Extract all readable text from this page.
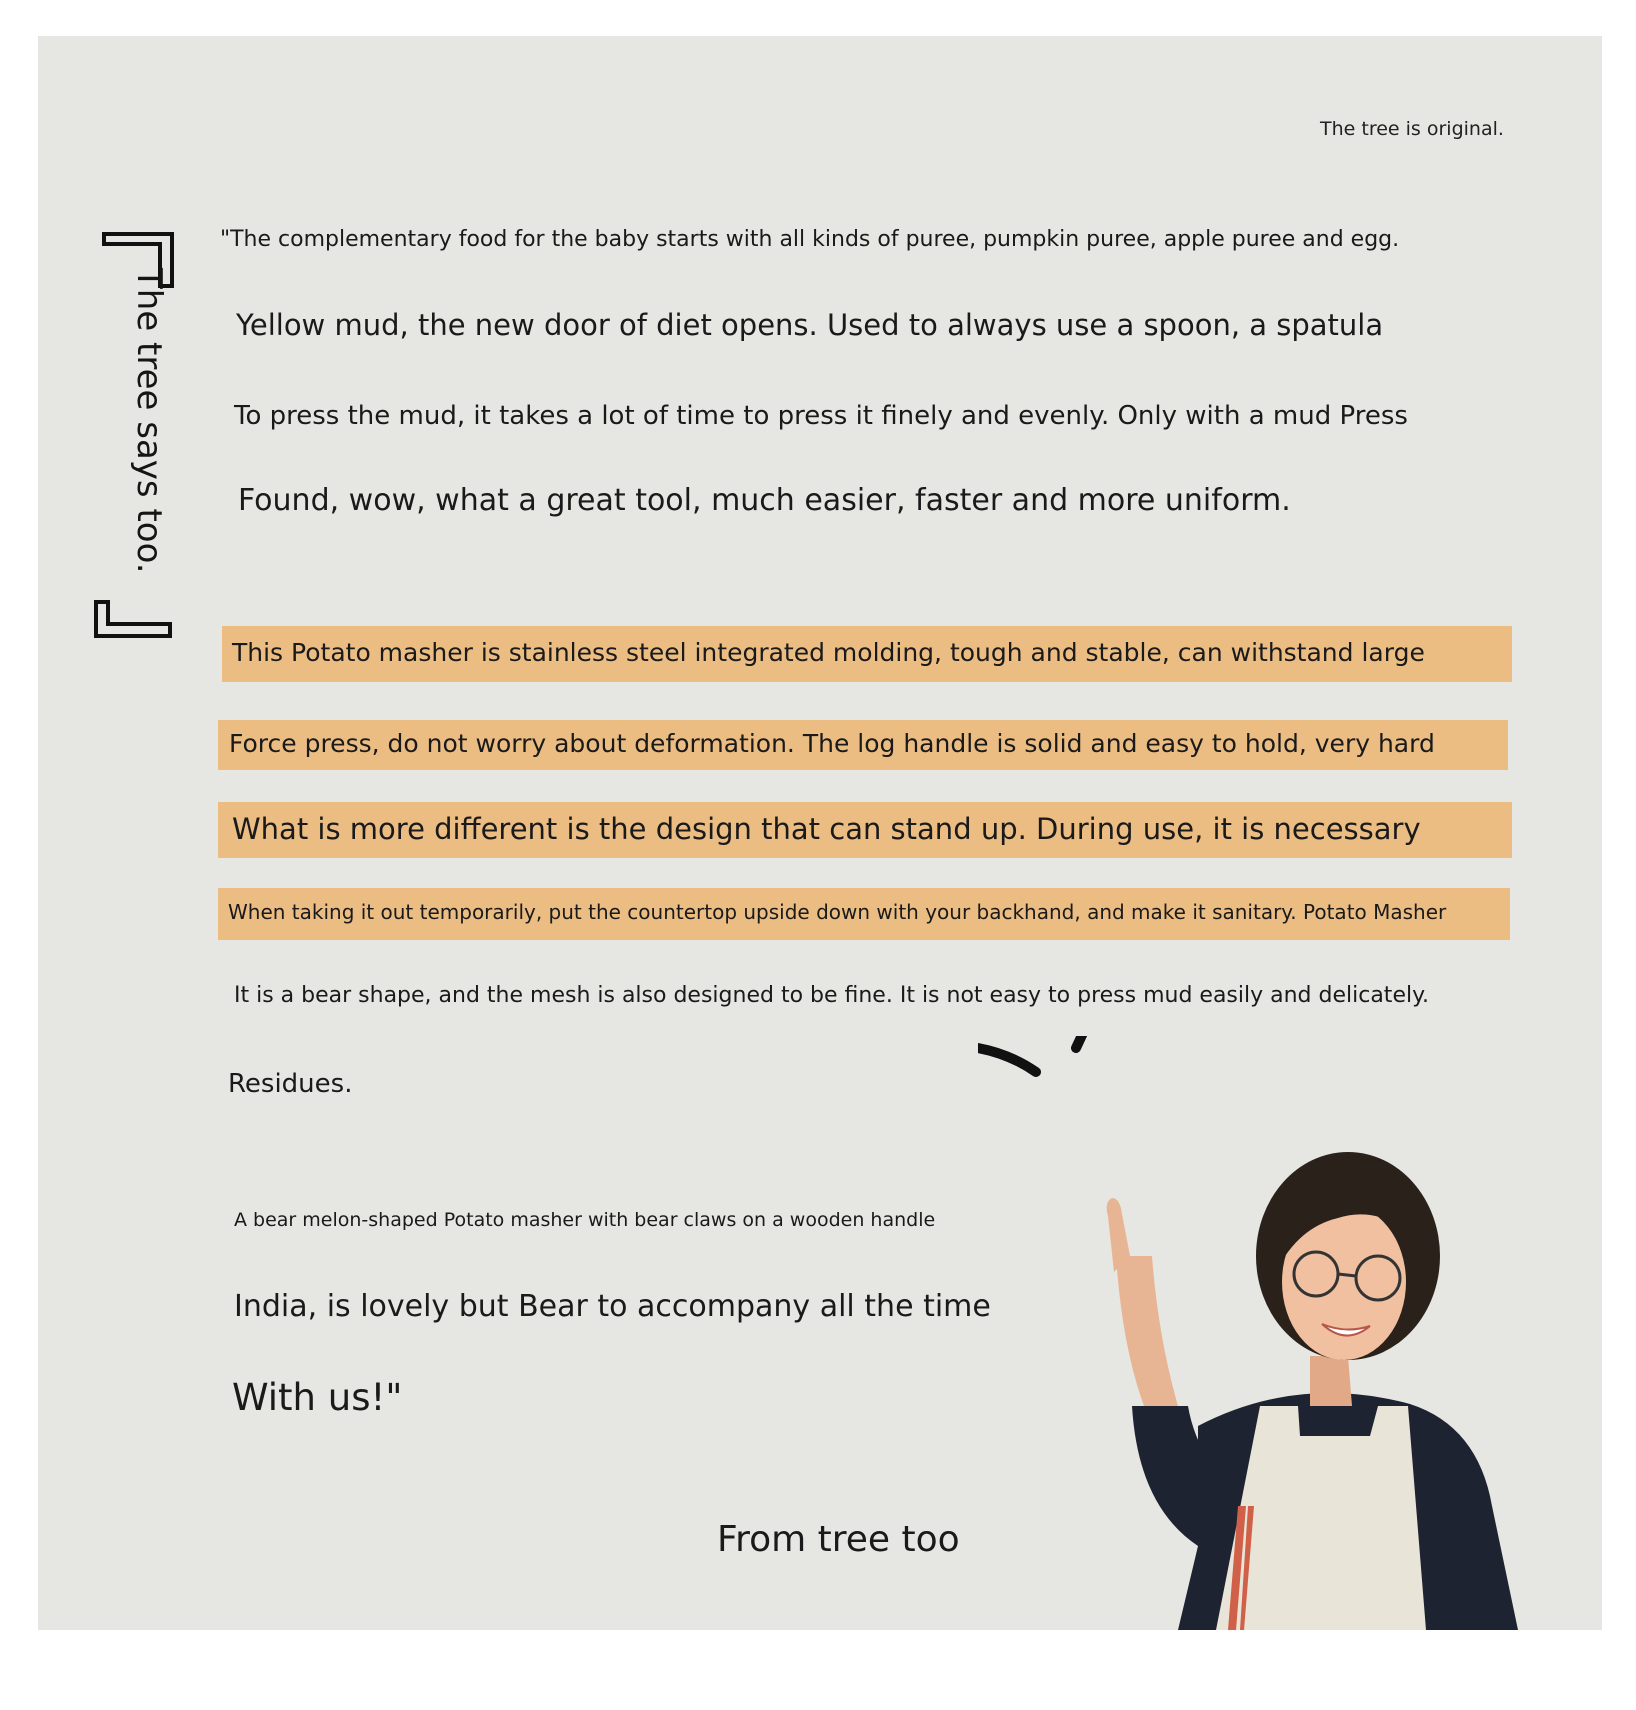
The tree is original.

The tree says too.

"The complementary food for the baby starts with all kinds of puree, pumpkin puree, apple puree and egg.

Yellow mud, the new door of diet opens. Used to always use a spoon, a spatula

To press the mud, it takes a lot of time to press it finely and evenly. Only with a mud Press

Found, wow, what a great tool, much easier, faster and more uniform.

This Potato masher is stainless steel integrated molding, tough and stable, can withstand large
Force press, do not worry about deformation. The log handle is solid and easy to hold, very hard
What is more different is the design that can stand up. During use, it is necessary
When taking it out temporarily, put the countertop upside down with your backhand, and make it sanitary. Potato Masher

It is a bear shape, and the mesh is also designed to be fine. It is not easy to press mud easily and delicately.

Residues.

A bear melon-shaped Potato masher with bear claws on a wooden handle

India, is lovely but Bear to accompany all the time

With us!"

From tree too
